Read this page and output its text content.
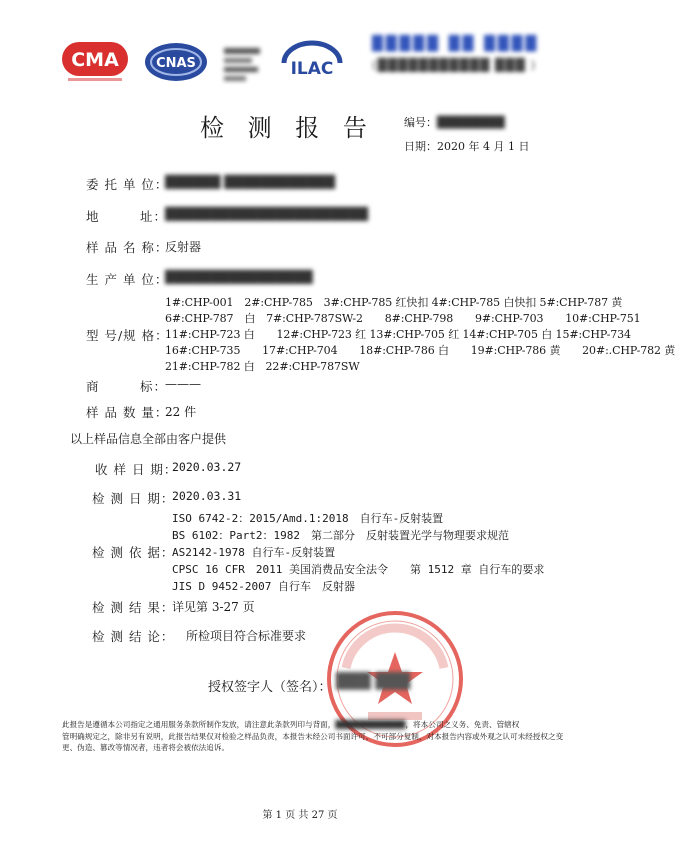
CMA	CNAS
CNAS	ILAC
█████ ██ ████
(███████████ ███ )
检 测 报 告	编号：████████
日期：2020 年 4 月 1 日
委 托 单 位：
██████ ████████████
地　　　址：
██████████████████████
样 品 名 称：
反射器
生 产 单 位：
████████████████
型 号/规 格：
1#:CHP-001　2#:CHP-785　3#:CHP-785 红快扣 4#:CHP-785 白快扣 5#:CHP-787 黄
6#:CHP-787　白　7#:CHP-787SW-2　　8#:CHP-798　　9#:CHP-703　　10#:CHP-751
11#:CHP-723 白　　12#:CHP-723 红 13#:CHP-705 红 14#:CHP-705 白 15#:CHP-734
16#:CHP-735　　17#:CHP-704　　18#:CHP-786 白　　19#:CHP-786 黄　　20#:.CHP-782 黄
21#:CHP-782 白　22#:CHP-787SW
商　　　标：
———
样 品 数 量：
22 件
以上样品信息全部由客户提供
收 样 日 期：
2020.03.27
检 测 日 期：
2020.03.31
检 测 依 据：
ISO 6742-2：2015/Amd.1:2018　自行车-反射装置
BS 6102：Part2：1982　第二部分　反射装置光学与物理要求规范
AS2142-1978 自行车-反射装置
CPSC 16 CFR　2011 美国消费品安全法令　　第 1512 章 自行车的要求
JIS D 9452-2007 自行车　反射器
检 测 结 果：
详见第 3-27 页
检 测 结 论： 所检项目符合标准要求
授权签字人（签名）： ███ ███
此报告是遵循本公司指定之通用服务条款所制作发放，请注意此条款列印与背面，████████████，将本公司之义务、免责、管辖权
管明确规定之，除非另有说明，此报告结果仅对检验之样品负责，本报告未经公司书面许可，不可部分复制，对本报告内容或外观之认可未经授权之变
更、伪造、篡改等情况者，违者将会被依法追诉。
第 1 页 共 27 页
